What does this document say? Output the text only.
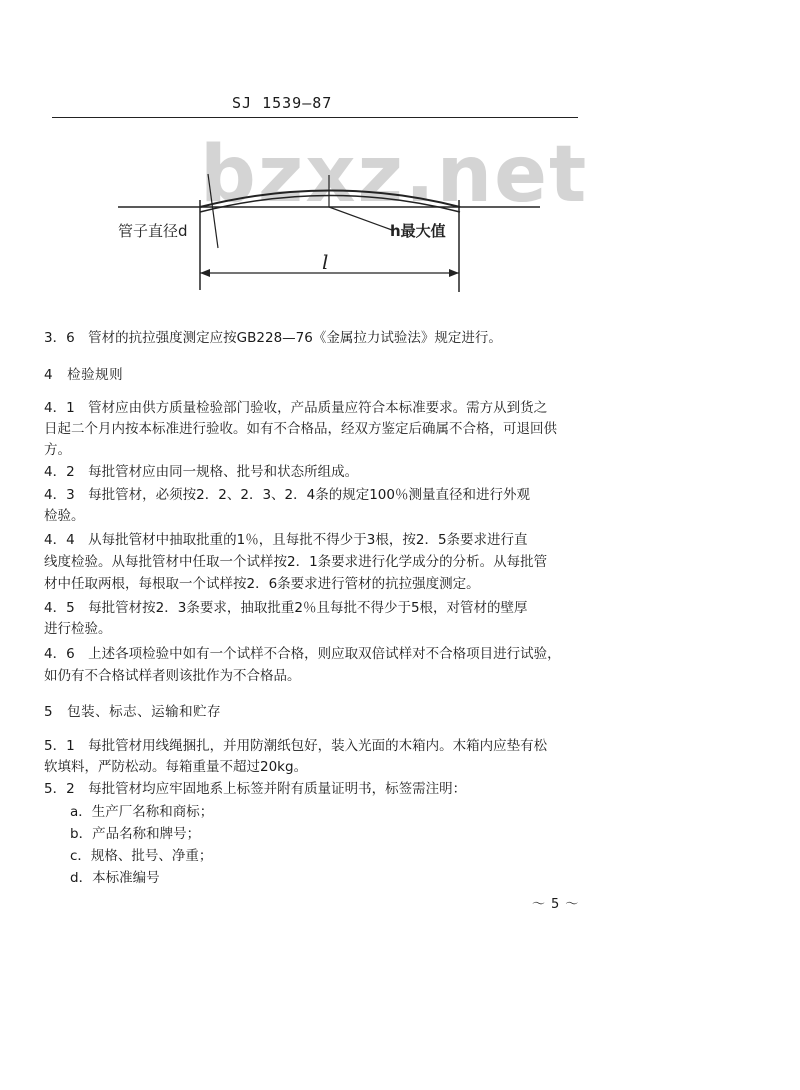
SJ 1539—87
bzxz.net
管子直径d	h最大值
l
3．6　管材的抗拉强度测定应按GB228—76《金属拉力试验法》规定进行。
4　检验规则
4．1　管材应由供方质量检验部门验收，产品质量应符合本标准要求。需方从到货之
日起二个月内按本标准进行验收。如有不合格品，经双方鉴定后确属不合格，可退回供
方。
4．2　每批管材应由同一规格、批号和状态所组成。
4．3　每批管材，必须按2．2、2．3、2．4条的规定100％测量直径和进行外观
检验。
4．4　从每批管材中抽取批重的1％，且每批不得少于3根，按2．5条要求进行直
线度检验。从每批管材中任取一个试样按2．1条要求进行化学成分的分析。从每批管
材中任取两根，每根取一个试样按2．6条要求进行管材的抗拉强度测定。
4．5　每批管材按2．3条要求，抽取批重2％且每批不得少于5根，对管材的壁厚
进行检验。
4．6　上述各项检验中如有一个试样不合格，则应取双倍试样对不合格项目进行试验，
如仍有不合格试样者则该批作为不合格品。
5　包装、标志、运输和贮存
5．1　每批管材用线绳捆扎，并用防潮纸包好，装入光面的木箱内。木箱内应垫有松
软填料，严防松动。每箱重量不超过20kg。
5．2　每批管材均应牢固地系上标签并附有质量证明书，标签需注明：
a．生产厂名称和商标；
b．产品名称和牌号；
c．规格、批号、净重；
d．本标准编号
～5～
